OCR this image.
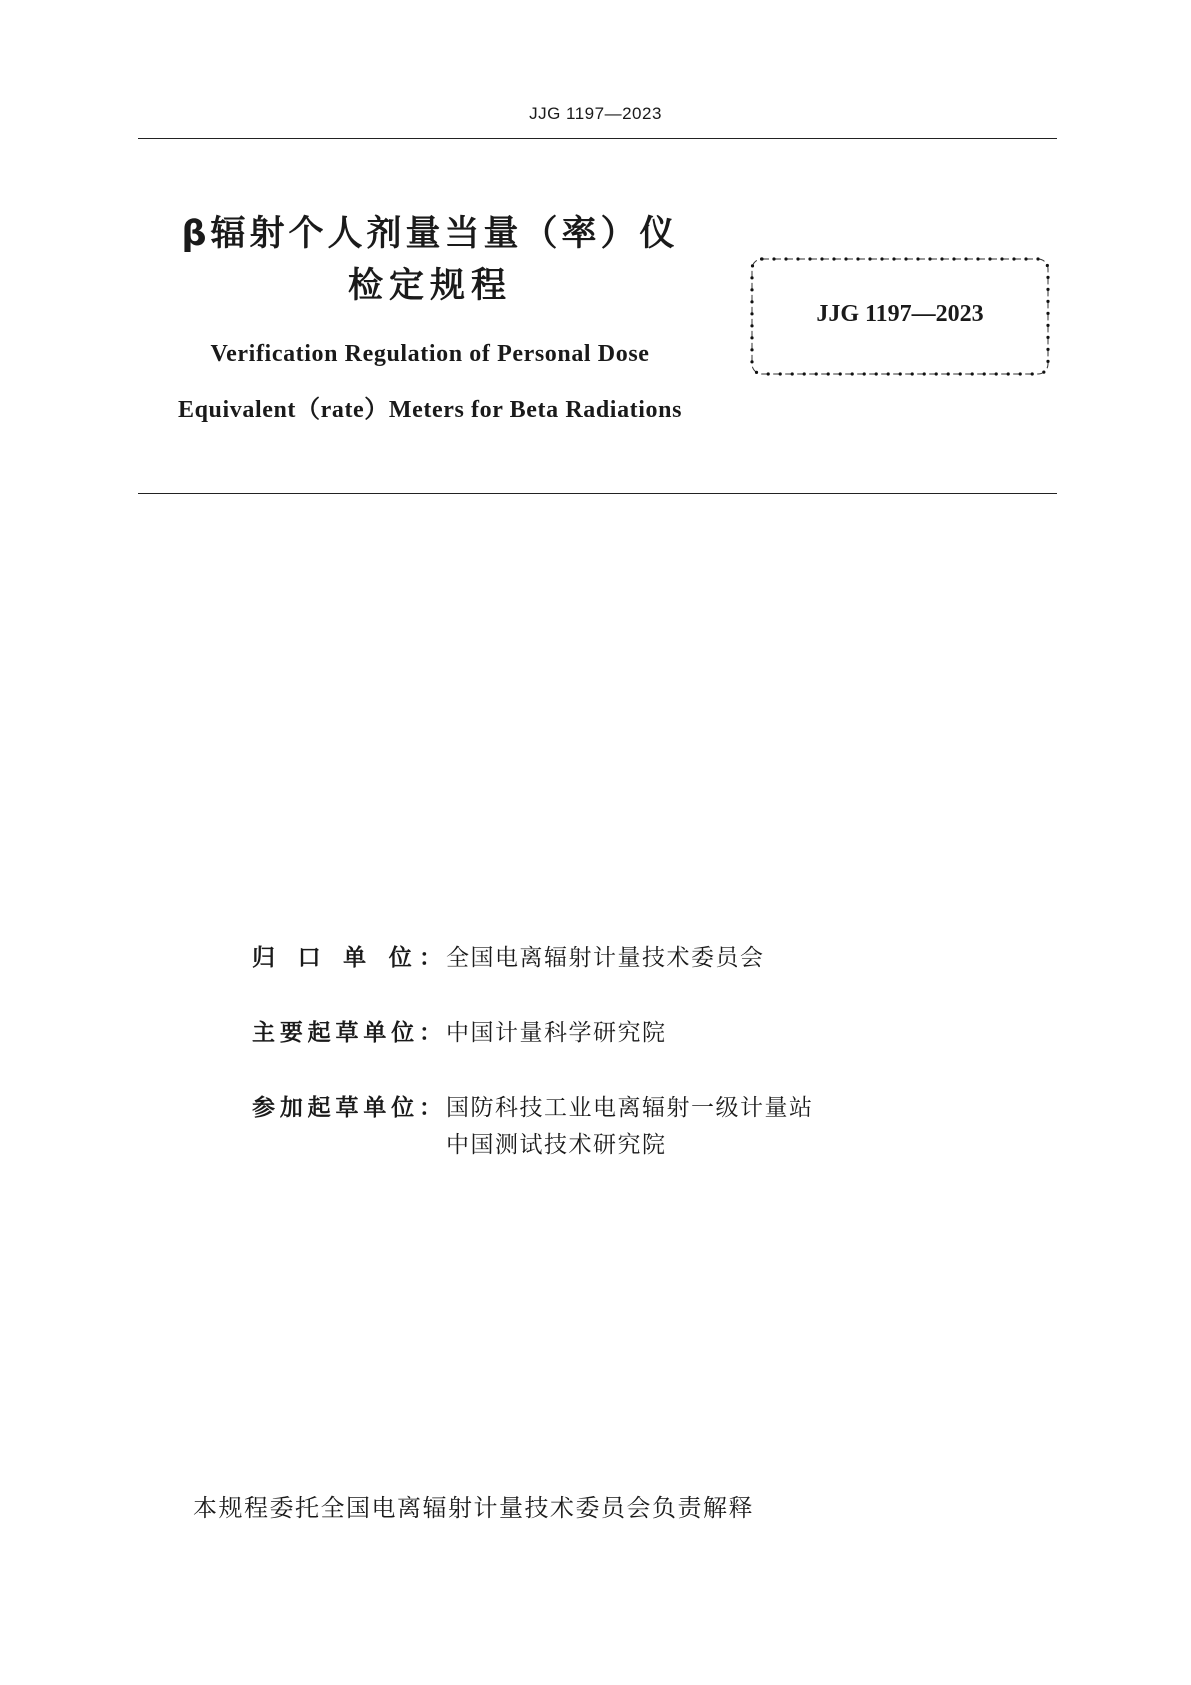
JJG 1197—2023
β辐射个人剂量当量（率）仪
检定规程
Verification Regulation of Personal Dose
Equivalent（rate）Meters for Beta Radiations
JJG 1197—2023
归 口 单 位： 全国电离辐射计量技术委员会
主要起草单位： 中国计量科学研究院
参加起草单位： 国防科技工业电离辐射一级计量站
中国测试技术研究院
本规程委托全国电离辐射计量技术委员会负责解释
